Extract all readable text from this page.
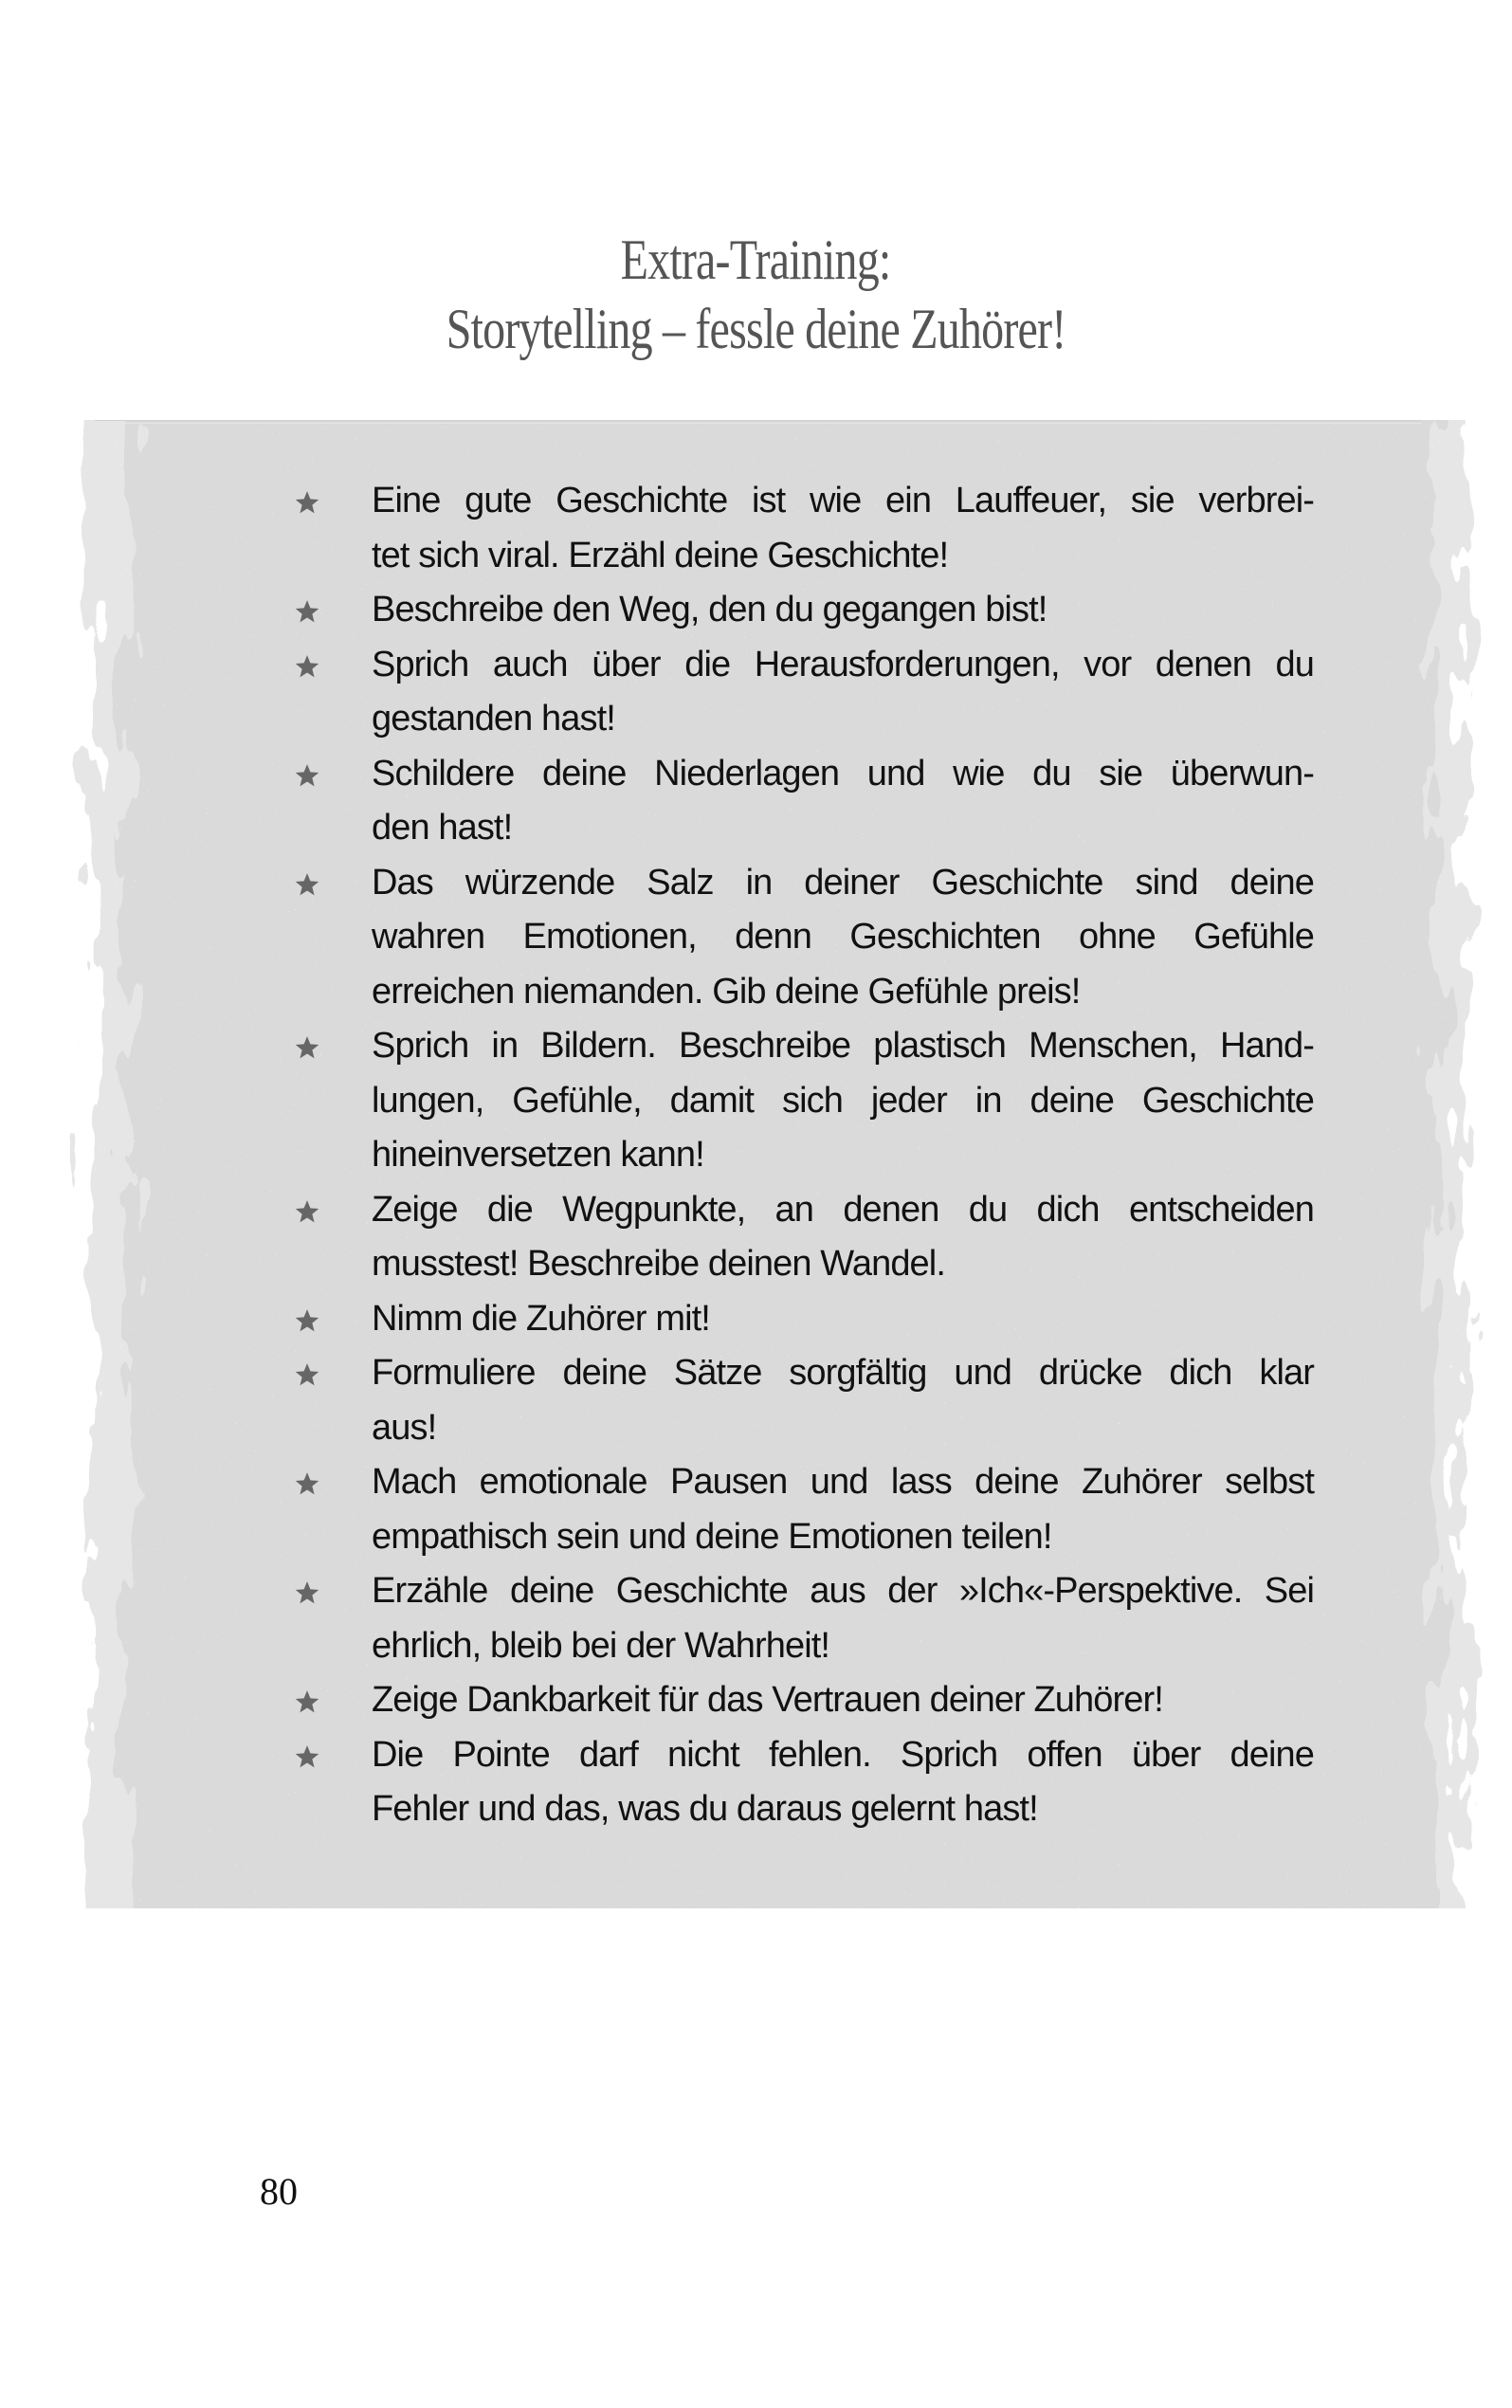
Extra-Training:
Storytelling – fessle deine Zuhörer!
Eine gute Geschichte ist wie ein Lauffeuer, sie verbrei-
tet sich viral. Erzähl deine Geschichte!
Beschreibe den Weg, den du gegangen bist!
Sprich auch über die Herausforderungen, vor denen du
gestanden hast!
Schildere deine Niederlagen und wie du sie überwun-
den hast!
Das würzende Salz in deiner Geschichte sind deine
wahren Emotionen, denn Geschichten ohne Gefühle
erreichen niemanden. Gib deine Gefühle preis!
Sprich in Bildern. Beschreibe plastisch Menschen, Hand-
lungen, Gefühle, damit sich jeder in deine Geschichte
hineinversetzen kann!
Zeige die Wegpunkte, an denen du dich entscheiden
musstest! Beschreibe deinen Wandel.
Nimm die Zuhörer mit!
Formuliere deine Sätze sorgfältig und drücke dich klar
aus!
Mach emotionale Pausen und lass deine Zuhörer selbst
empathisch sein und deine Emotionen teilen!
Erzähle deine Geschichte aus der »Ich«-Perspektive. Sei
ehrlich, bleib bei der Wahrheit!
Zeige Dankbarkeit für das Vertrauen deiner Zuhörer!
Die Pointe darf nicht fehlen. Sprich offen über deine
Fehler und das, was du daraus gelernt hast!
80
